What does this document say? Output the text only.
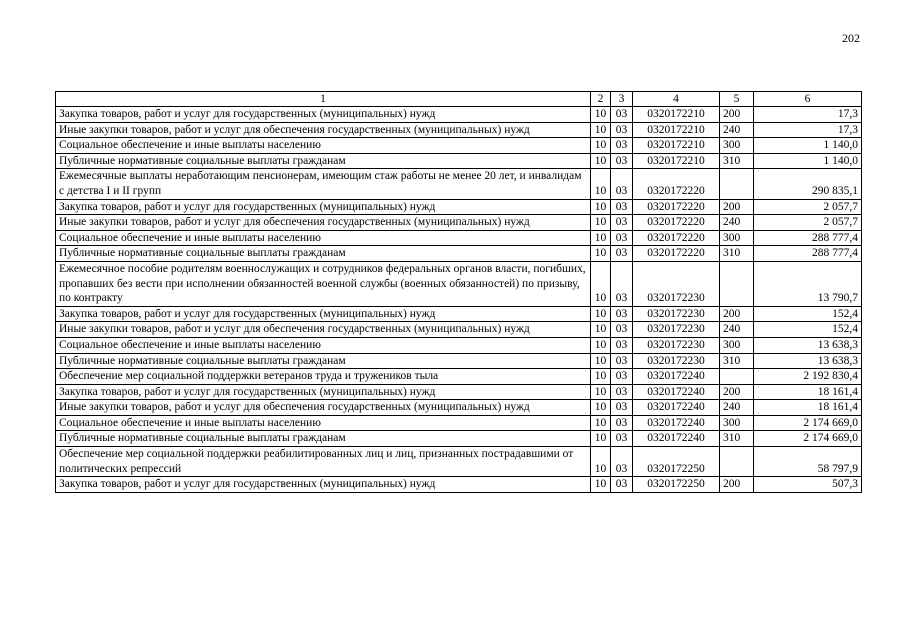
202
1	2	3	4	5	6
Закупка товаров, работ и услуг для государственных (муниципальных) нужд	10	03	0320172210	200	17,3
Иные закупки товаров, работ и услуг для обеспечения государственных (муниципальных) нужд	10	03	0320172210	240	17,3
Социальное обеспечение и иные выплаты населению	10	03	0320172210	300	1 140,0
Публичные нормативные социальные выплаты гражданам	10	03	0320172210	310	1 140,0
Ежемесячные выплаты неработающим пенсионерам, имеющим стаж работы не менее 20 лет, и инвалидам с детства I и II групп	10	03	0320172220		290 835,1
Закупка товаров, работ и услуг для государственных (муниципальных) нужд	10	03	0320172220	200	2 057,7
Иные закупки товаров, работ и услуг для обеспечения государственных (муниципальных) нужд	10	03	0320172220	240	2 057,7
Социальное обеспечение и иные выплаты населению	10	03	0320172220	300	288 777,4
Публичные нормативные социальные выплаты гражданам	10	03	0320172220	310	288 777,4
Ежемесячное пособие родителям военнослужащих и сотрудников федеральных органов власти, погибших, пропавших без вести при исполнении обязанностей военной службы (военных обязанностей) по призыву, по контракту	10	03	0320172230		13 790,7
Закупка товаров, работ и услуг для государственных (муниципальных) нужд	10	03	0320172230	200	152,4
Иные закупки товаров, работ и услуг для обеспечения государственных (муниципальных) нужд	10	03	0320172230	240	152,4
Социальное обеспечение и иные выплаты населению	10	03	0320172230	300	13 638,3
Публичные нормативные социальные выплаты гражданам	10	03	0320172230	310	13 638,3
Обеспечение мер социальной поддержки ветеранов труда и тружеников тыла	10	03	0320172240		2 192 830,4
Закупка товаров, работ и услуг для государственных (муниципальных) нужд	10	03	0320172240	200	18 161,4
Иные закупки товаров, работ и услуг для обеспечения государственных (муниципальных) нужд	10	03	0320172240	240	18 161,4
Социальное обеспечение и иные выплаты населению	10	03	0320172240	300	2 174 669,0
Публичные нормативные социальные выплаты гражданам	10	03	0320172240	310	2 174 669,0
Обеспечение мер социальной поддержки реабилитированных лиц и лиц, признанных пострадавшими от политических репрессий	10	03	0320172250		58 797,9
Закупка товаров, работ и услуг для государственных (муниципальных) нужд	10	03	0320172250	200	507,3
